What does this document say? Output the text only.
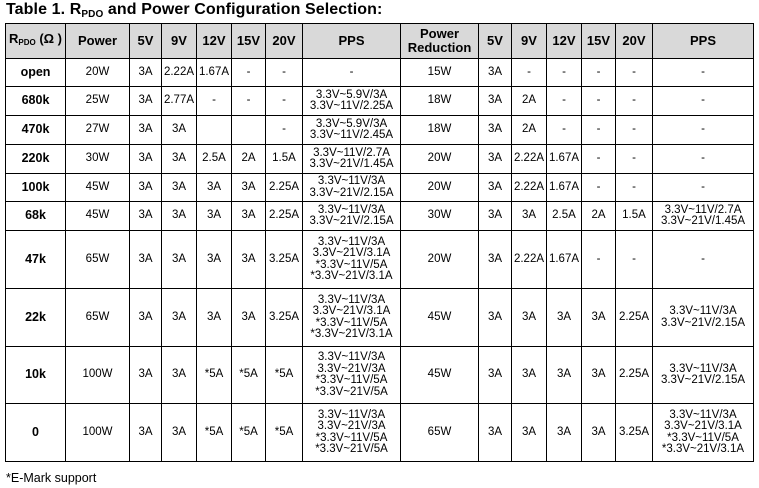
Table 1. $R_{PDO}$ and Power Configuration Selection:
$R_{PDO}$ (Ω )	Power	5V	9V	12V	15V	20V	PPS	Power Reduction	5V	9V	12V	15V	20V	PPS
open	20W	3A	2.22A	1.67A	-	-	-	15W	3A	-	-	-	-	-

680k	25W	3A	2.77A	-	-	-	3.3V~5.9V/3A
3.3V~11V/2.25A	18W	3A	2A	-	-	-	-

470k	27W	3A	3A			-	3.3V~5.9V/3A
3.3V~11V/2.45A	18W	3A	2A	-	-	-	-

220k	30W	3A	3A	2.5A	2A	1.5A	3.3V~11V/2.7A
3.3V~21V/1.45A	20W	3A	2.22A	1.67A	-	-	-

100k	45W	3A	3A	3A	3A	2.25A	3.3V~11V/3A
3.3V~21V/2.15A	20W	3A	2.22A	1.67A	-	-	-

68k	45W	3A	3A	3A	3A	2.25A	3.3V~11V/3A
3.3V~21V/2.15A	30W	3A	3A	2.5A	2A	1.5A	3.3V~11V/2.7A
3.3V~21V/1.45A

47k	65W	3A	3A	3A	3A	3.25A	3.3V~11V/3A
3.3V~21V/3.1A
*3.3V~11V/5A
*3.3V~21V/3.1A	20W	3A	2.22A	1.67A	-	-	-

22k	65W	3A	3A	3A	3A	3.25A	3.3V~11V/3A
3.3V~21V/3.1A
*3.3V~11V/5A
*3.3V~21V/3.1A	45W	3A	3A	3A	3A	2.25A	3.3V~11V/3A
3.3V~21V/2.15A

10k	100W	3A	3A	*5A	*5A	*5A	3.3V~11V/3A
3.3V~21V/3A
*3.3V~11V/5A
*3.3V~21V/5A	45W	3A	3A	3A	3A	2.25A	3.3V~11V/3A
3.3V~21V/2.15A

0	100W	3A	3A	*5A	*5A	*5A	3.3V~11V/3A
3.3V~21V/3A
*3.3V~11V/5A
*3.3V~21V/5A	65W	3A	3A	3A	3A	3.25A	3.3V~11V/3A
3.3V~21V/3.1A
*3.3V~11V/5A
*3.3V~21V/3.1A
*E-Mark support
